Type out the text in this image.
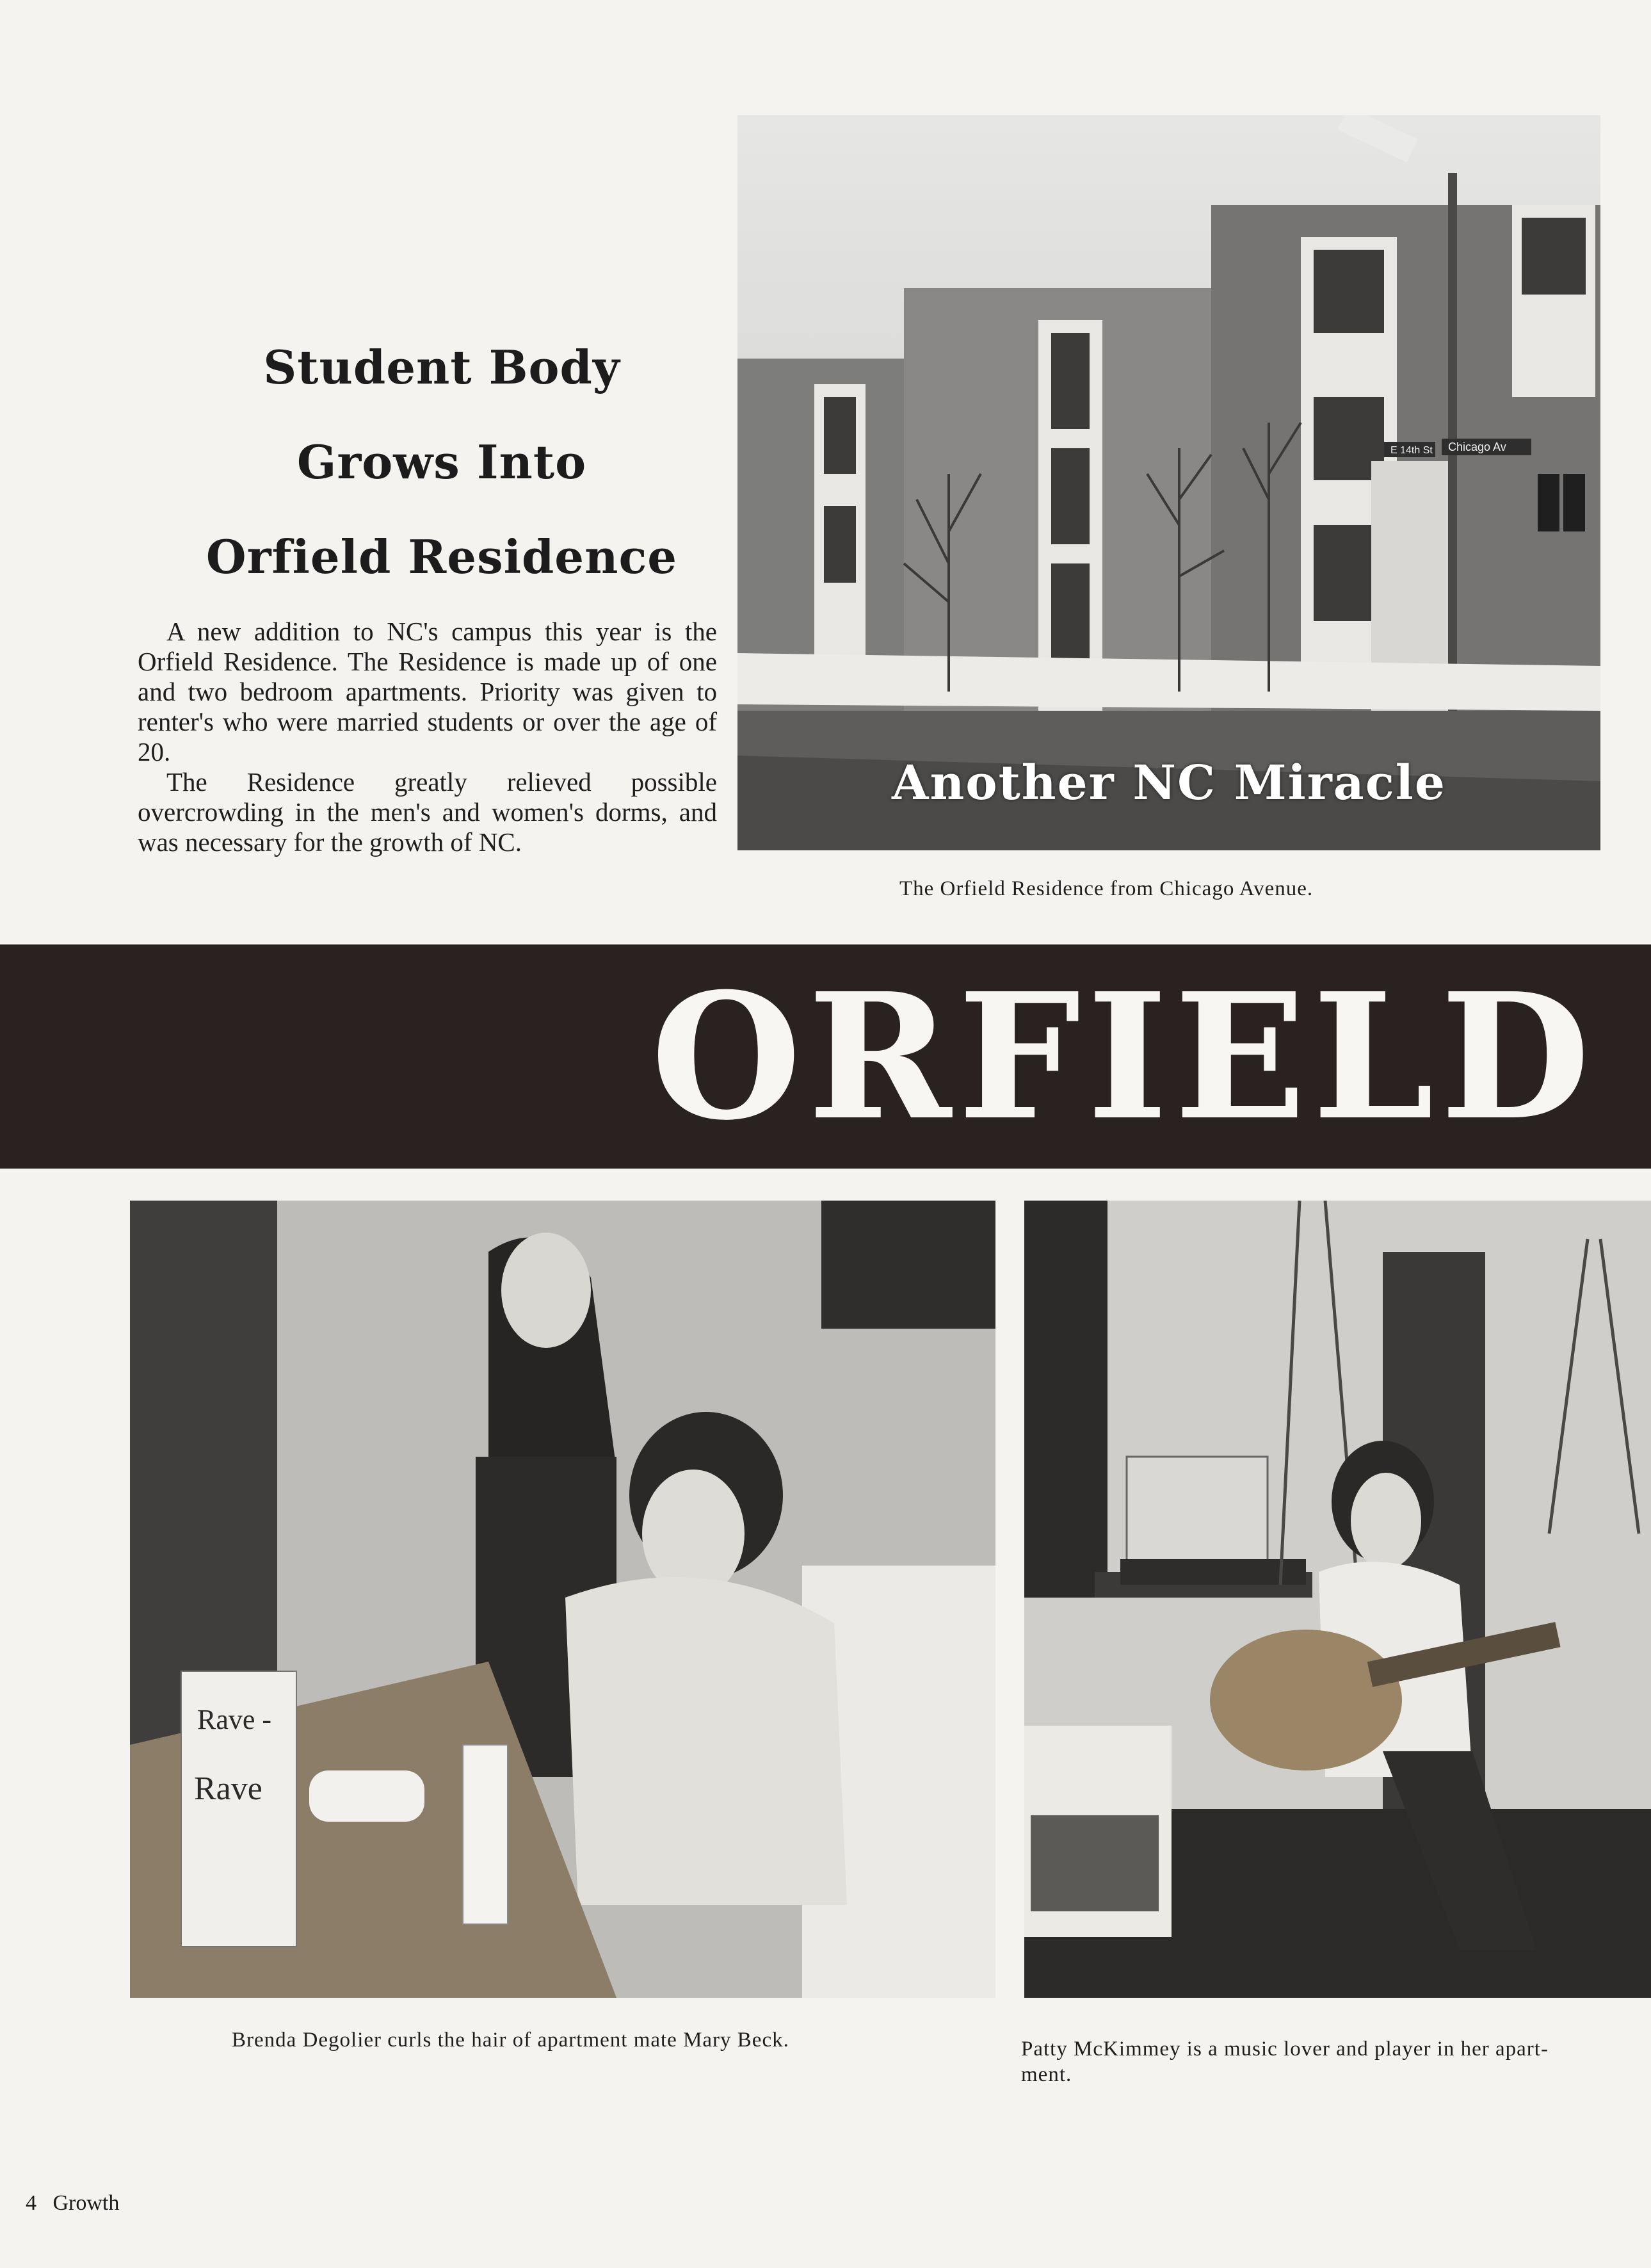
Student Body
Grows Into
Orfield Residence

A new addition to NC's campus this year is the Orfield Residence. The Residence is made up of one and two bedroom apartments. Priority was given to renter's who were married students or over the age of 20.

The Residence greatly relieved possible overcrowding in the men's and women's dorms, and was necessary for the growth of NC.

E 14th St Chicago Av
Another NC Miracle
The Orfield Residence from Chicago Avenue.
ORFIELD
Rave -
Rave
Brenda Degolier curls the hair of apartment mate Mary Beck.	Patty McKimmey is a music lover and player in her apart-
ment.
4 Growth
